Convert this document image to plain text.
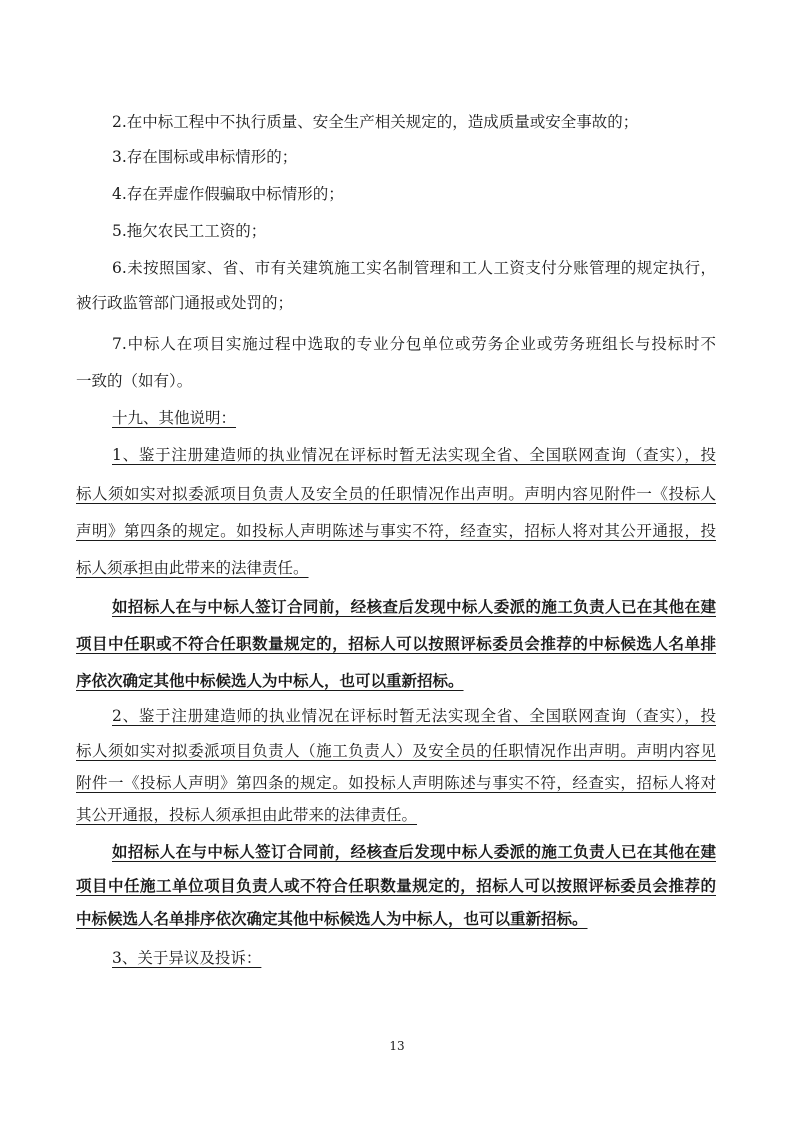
2.在中标工程中不执行质量、安全生产相关规定的，造成质量或安全事故的；
3.存在围标或串标情形的；
4.存在弄虚作假骗取中标情形的；
5.拖欠农民工工资的；
6.未按照国家、省、市有关建筑施工实名制管理和工人工资支付分账管理的规定执行，
被行政监管部门通报或处罚的；
7.中标人在项目实施过程中选取的专业分包单位或劳务企业或劳务班组长与投标时不
一致的（如有）。
十九、其他说明：
1、鉴于注册建造师的执业情况在评标时暂无法实现全省、全国联网查询（查实），投
标人须如实对拟委派项目负责人及安全员的任职情况作出声明。声明内容见附件一《投标人
声明》第四条的规定。如投标人声明陈述与事实不符，经查实，招标人将对其公开通报，投
标人须承担由此带来的法律责任。
如招标人在与中标人签订合同前，经核查后发现中标人委派的施工负责人已在其他在建
项目中任职或不符合任职数量规定的，招标人可以按照评标委员会推荐的中标候选人名单排
序依次确定其他中标候选人为中标人，也可以重新招标。
2、鉴于注册建造师的执业情况在评标时暂无法实现全省、全国联网查询（查实），投
标人须如实对拟委派项目负责人（施工负责人）及安全员的任职情况作出声明。声明内容见
附件一《投标人声明》第四条的规定。如投标人声明陈述与事实不符，经查实，招标人将对
其公开通报，投标人须承担由此带来的法律责任。
如招标人在与中标人签订合同前，经核查后发现中标人委派的施工负责人已在其他在建
项目中任施工单位项目负责人或不符合任职数量规定的，招标人可以按照评标委员会推荐的
中标候选人名单排序依次确定其他中标候选人为中标人，也可以重新招标。
3、关于异议及投诉：
13
